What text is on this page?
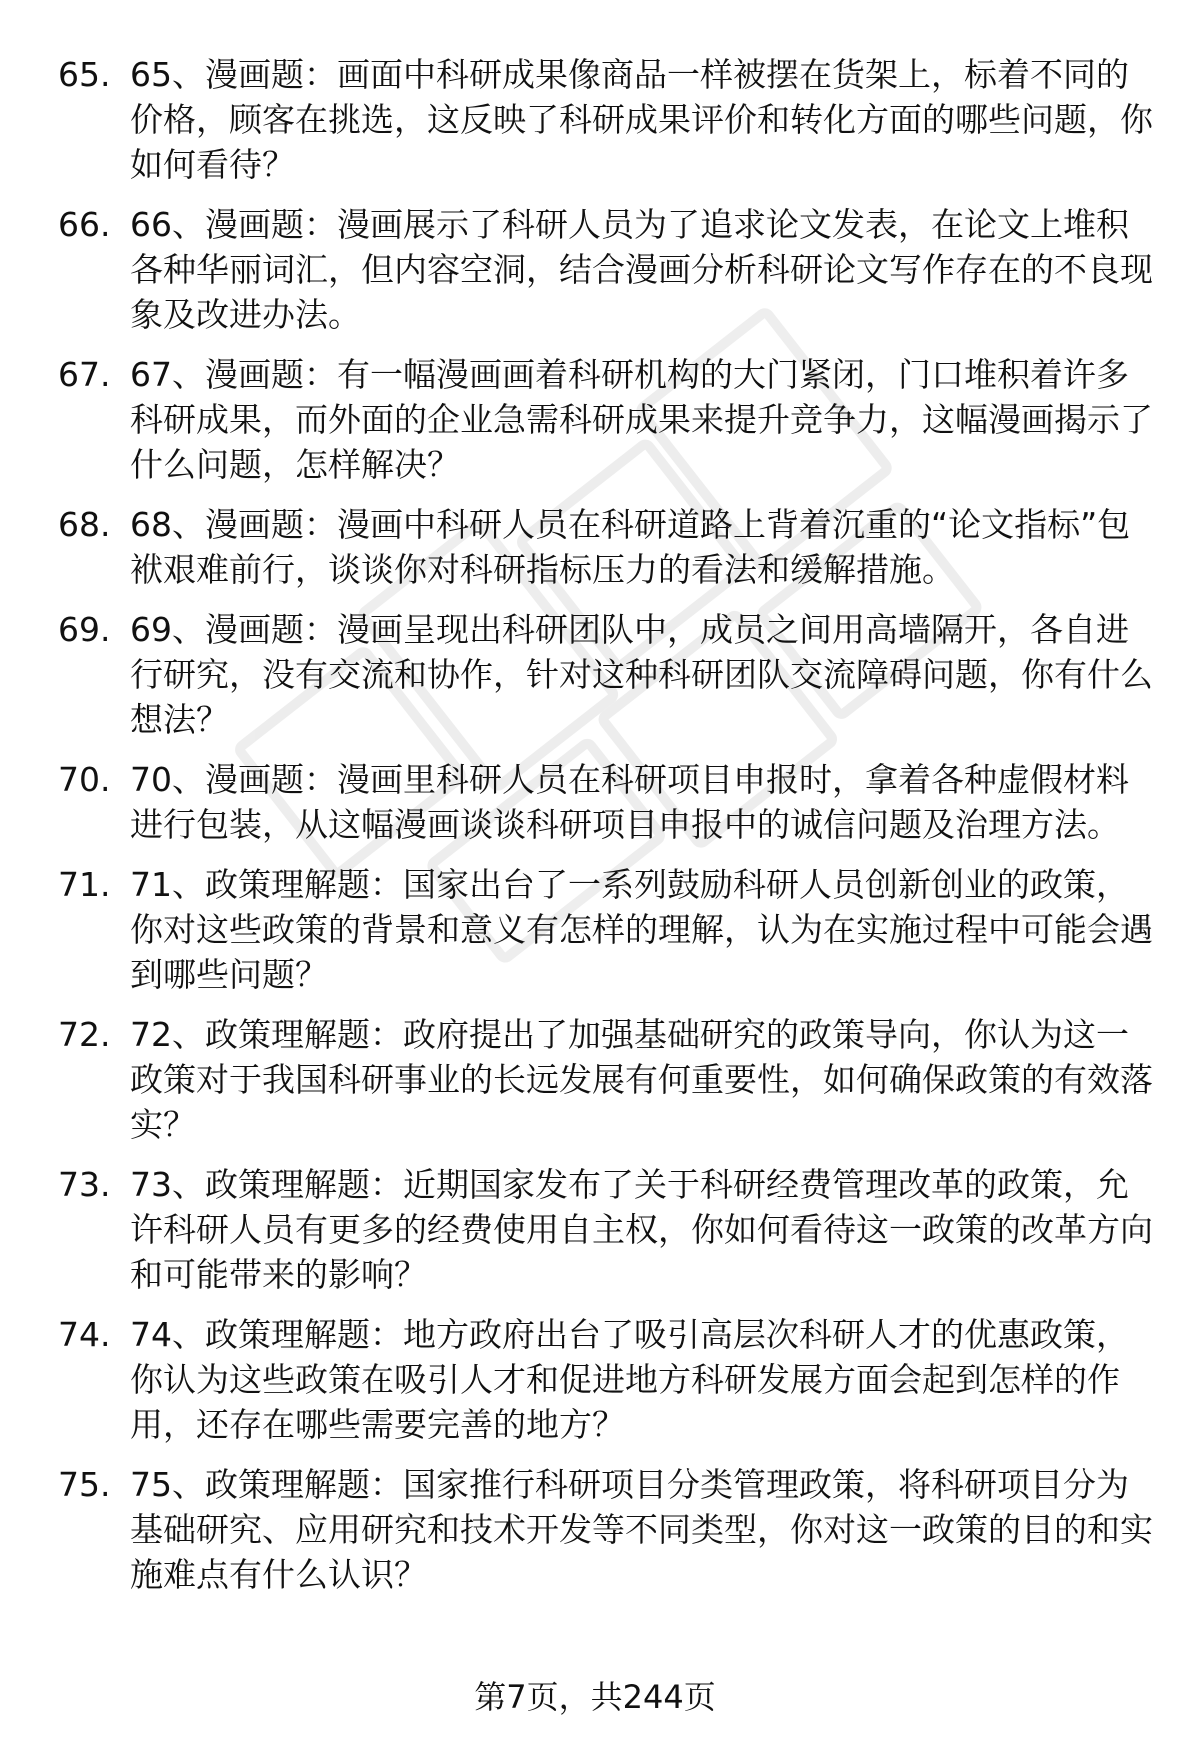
65. 65、漫画题：画面中科研成果像商品一样被摆在货架上，标着不同的价格，顾客在挑选，这反映了科研成果评价和转化方面的哪些问题，你如何看待？
66. 66、漫画题：漫画展示了科研人员为了追求论文发表，在论文上堆积各种华丽词汇，但内容空洞，结合漫画分析科研论文写作存在的不良现象及改进办法。
67. 67、漫画题：有一幅漫画画着科研机构的大门紧闭，门口堆积着许多科研成果，而外面的企业急需科研成果来提升竞争力，这幅漫画揭示了什么问题，怎样解决？
68. 68、漫画题：漫画中科研人员在科研道路上背着沉重的“论文指标”包袱艰难前行，谈谈你对科研指标压力的看法和缓解措施。
69. 69、漫画题：漫画呈现出科研团队中，成员之间用高墙隔开，各自进行研究，没有交流和协作，针对这种科研团队交流障碍问题，你有什么想法？
70. 70、漫画题：漫画里科研人员在科研项目申报时，拿着各种虚假材料进行包装，从这幅漫画谈谈科研项目申报中的诚信问题及治理方法。
71. 71、政策理解题：国家出台了一系列鼓励科研人员创新创业的政策，你对这些政策的背景和意义有怎样的理解，认为在实施过程中可能会遇到哪些问题？
72. 72、政策理解题：政府提出了加强基础研究的政策导向，你认为这一政策对于我国科研事业的长远发展有何重要性，如何确保政策的有效落实？
73. 73、政策理解题：近期国家发布了关于科研经费管理改革的政策，允许科研人员有更多的经费使用自主权，你如何看待这一政策的改革方向和可能带来的影响？
74. 74、政策理解题：地方政府出台了吸引高层次科研人才的优惠政策，你认为这些政策在吸引人才和促进地方科研发展方面会起到怎样的作用，还存在哪些需要完善的地方？
75. 75、政策理解题：国家推行科研项目分类管理政策，将科研项目分为基础研究、应用研究和技术开发等不同类型，你对这一政策的目的和实施难点有什么认识？
第7页，共244页
